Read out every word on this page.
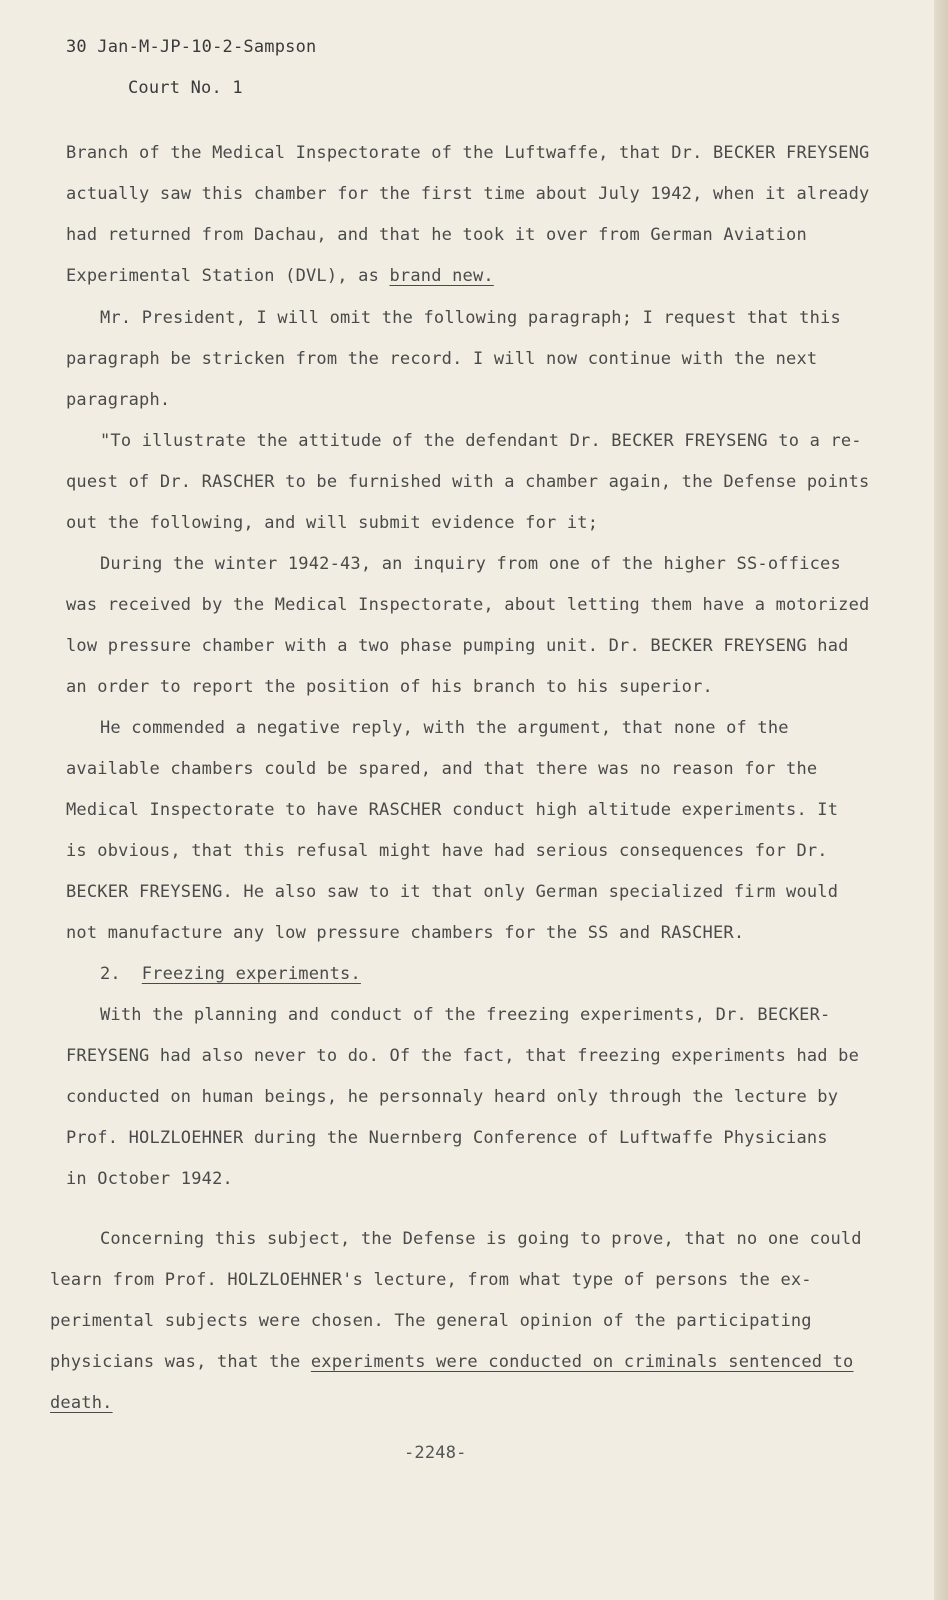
30 Jan-M-JP-10-2-Sampson
Court No. 1
Branch of the Medical Inspectorate of the Luftwaffe, that Dr. BECKER FREYSENG
actually saw this chamber for the first time about July 1942, when it already
had returned from Dachau, and that he took it over from German Aviation
Experimental Station (DVL), as brand new.
Mr. President, I will omit the following paragraph; I request that this
paragraph be stricken from the record. I will now continue with the next
paragraph.
"To illustrate the attitude of the defendant Dr. BECKER FREYSENG to a re-
quest of Dr. RASCHER to be furnished with a chamber again, the Defense points
out the following, and will submit evidence for it;
During the winter 1942-43, an inquiry from one of the higher SS-offices
was received by the Medical Inspectorate, about letting them have a motorized
low pressure chamber with a two phase pumping unit. Dr. BECKER FREYSENG had
an order to report the position of his branch to his superior.
He commended a negative reply, with the argument, that none of the
available chambers could be spared, and that there was no reason for the
Medical Inspectorate to have RASCHER conduct high altitude experiments. It
is obvious, that this refusal might have had serious consequences for Dr.
BECKER FREYSENG. He also saw to it that only German specialized firm would
not manufacture any low pressure chambers for the SS and RASCHER.
2. Freezing experiments.
With the planning and conduct of the freezing experiments, Dr. BECKER-
FREYSENG had also never to do. Of the fact, that freezing experiments had be
conducted on human beings, he personnaly heard only through the lecture by
Prof. HOLZLOEHNER during the Nuernberg Conference of Luftwaffe Physicians
in October 1942.
Concerning this subject, the Defense is going to prove, that no one could
learn from Prof. HOLZLOEHNER's lecture, from what type of persons the ex-
perimental subjects were chosen. The general opinion of the participating
physicians was, that the experiments were conducted on criminals sentenced to
death.
-2248-
